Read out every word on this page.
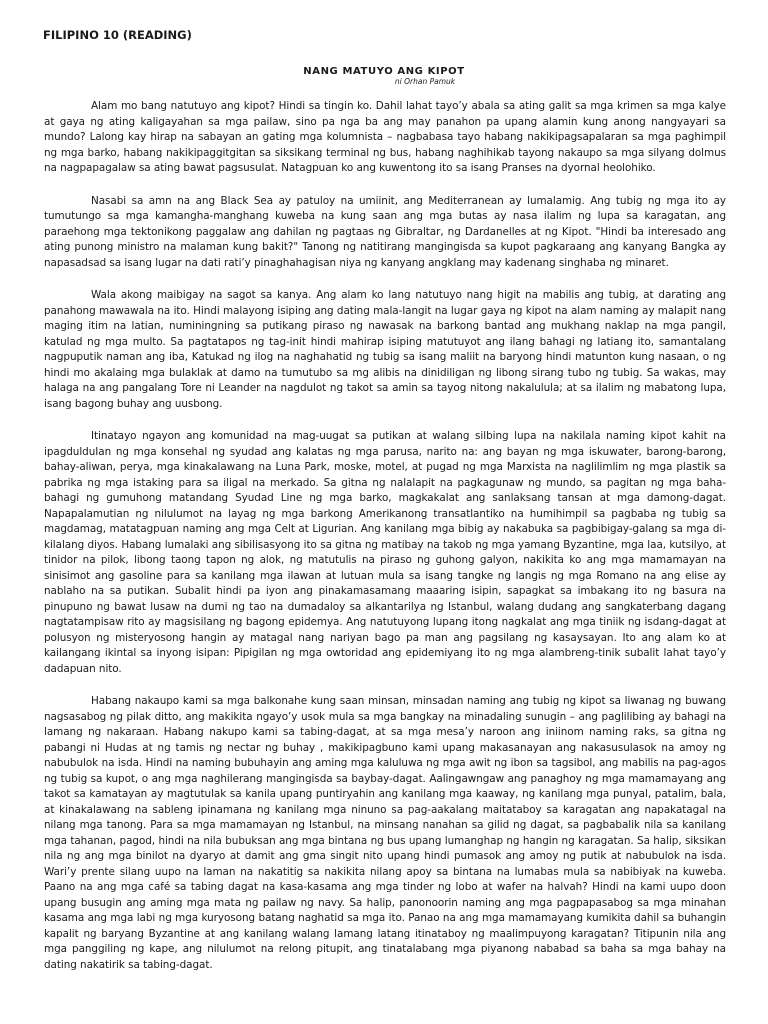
FILIPINO 10 (READING)
NANG MATUYO ANG KIPOT
ni Orhan Pamuk

Alam mo bang natutuyo ang kipot? Hindi sa tingin ko. Dahil lahat tayo’y abala sa ating galit sa mga krimen sa mga kalye at gaya ng ating kaligayahan sa mga pailaw, sino pa nga ba ang may panahon pa upang alamin kung anong nangyayari sa mundo? Lalong kay hirap na sabayan an gating mga kolumnista – nagbabasa tayo habang nakikipagsapalaran sa mga paghimpil ng mga barko, habang nakikipaggitgitan sa siksikang terminal ng bus, habang naghihikab tayong nakaupo sa mga silyang dolmus na nagpapagalaw sa ating bawat pagsusulat. Natagpuan ko ang kuwentong ito sa isang Pranses na dyornal heolohiko.

Nasabi sa amn na ang Black Sea ay patuloy na umiinit, ang Mediterranean ay lumalamig. Ang tubig ng mga ito ay tumutungo sa mga kamangha-manghang kuweba na kung saan ang mga butas ay nasa ilalim ng lupa sa karagatan, ang paraehong mga tektonikong paggalaw ang dahilan ng pagtaas ng Gibraltar, ng Dardanelles at ng Kipot. "Hindi ba interesado ang ating punong ministro na malaman kung bakit?" Tanong ng natitirang mangingisda sa kupot pagkaraang ang kanyang Bangka ay napasadsad sa isang lugar na dati rati’y pinaghahagisan niya ng kanyang angklang may kadenang singhaba ng minaret.

Wala akong maibigay na sagot sa kanya. Ang alam ko lang natutuyo nang higit na mabilis ang tubig, at darating ang panahong mawawala na ito. Hindi malayong isiping ang dating mala-langit na lugar gaya ng kipot na alam naming ay malapit nang maging itim na latian, numiningning sa putikang piraso ng nawasak na barkong bantad ang mukhang naklap na mga pangil, katulad ng mga multo. Sa pagtatapos ng tag-init hindi mahirap isiping matutuyot ang ilang bahagi ng latiang ito, samantalang nagpuputik naman ang iba, Katukad ng ilog na naghahatid ng tubig sa isang maliit na baryong hindi matunton kung nasaan, o ng hindi mo akalaing mga bulaklak at damo na tumutubo sa mg alibis na dinidiligan ng libong sirang tubo ng tubig. Sa wakas, may halaga na ang pangalang Tore ni Leander na nagdulot ng takot sa amin sa tayog nitong nakalulula; at sa ilalim ng mabatong lupa, isang bagong buhay ang uusbong.

Itinatayo ngayon ang komunidad na mag-uugat sa putikan at walang silbing lupa na nakilala naming kipot kahit na ipagdulduIan ng mga konsehal ng syudad ang kalatas ng mga parusa, narito na: ang bayan ng mga iskuwater, barong-barong, bahay-aliwan, perya, mga kinakalawang na Luna Park, moske, motel, at pugad ng mga Marxista na naglilimlim ng mga plastik sa pabrika ng mga istaking para sa iligal na merkado. Sa gitna ng nalalapit na pagkagunaw ng mundo, sa pagitan ng mga baha-bahagi ng gumuhong matandang Syudad Line ng mga barko, magkakalat ang sanlaksang tansan at mga damong-dagat. Napapalamutian ng nilulumot na layag ng mga barkong Amerikanong transatlantiko na humihimpil sa pagbaba ng tubig sa magdamag, matatagpuan naming ang mga Celt at Ligurian. Ang kanilang mga bibig ay nakabuka sa pagbibigay-galang sa mga di-kilalang diyos. Habang lumalaki ang sibilisasyong ito sa gitna ng matibay na takob ng mga yamang Byzantine, mga laa, kutsilyo, at tinidor na pilok, libong taong tapon ng alok, ng matutulis na piraso ng guhong galyon, nakikita ko ang mga mamamayan na sinisimot ang gasoline para sa kanilang mga ilawan at lutuan mula sa isang tangke ng langis ng mga Romano na ang elise ay nablaho na sa putikan. Subalit hindi pa iyon ang pinakamasamang maaaring isipin, sapagkat sa imbakang ito ng basura na pinupuno ng bawat lusaw na dumi ng tao na dumadaloy sa alkantarilya ng Istanbul, walang dudang ang sangkaterbang dagang nagtatampisaw rito ay magsisilang ng bagong epidemya. Ang natutuyong lupang itong nagkalat ang mga tiniik ng isdang-dagat at polusyon ng misteryosong hangin ay matagal nang nariyan bago pa man ang pagsilang ng kasaysayan. Ito ang alam ko at kailangang ikintal sa inyong isipan: Pipigilan ng mga owtoridad ang epidemiyang ito ng mga alambreng-tinik subalit lahat tayo’y dadapuan nito.

Habang nakaupo kami sa mga balkonahe kung saan minsan, minsadan naming ang tubig ng kipot sa liwanag ng buwang nagsasabog ng pilak ditto, ang makikita ngayo’y usok mula sa mga bangkay na minadaling sunugin – ang paglilibing ay bahagi na lamang ng nakaraan. Habang nakupo kami sa tabing-dagat, at sa mga mesa’y naroon ang iniinom naming raks, sa gitna ng pabangi ni Hudas at ng tamis ng nectar ng buhay , makikipagbuno kami upang makasanayan ang nakasusulasok na amoy ng nabubulok na isda. Hindi na naming bubuhayin ang aming mga kaluluwa ng mga awit ng ibon sa tagsibol, ang mabilis na pag-agos ng tubig sa kupot, o ang mga naghilerang mangingisda sa baybay-dagat. Aalingawngaw ang panaghoy ng mga mamamayang ang takot sa kamatayan ay magtutulak sa kanila upang puntiryahin ang kanilang mga kaaway, ng kanilang mga punyal, patalim, bala, at kinakalawang na sableng ipinamana ng kanilang mga ninuno sa pag-aakalang maitataboy sa karagatan ang napakatagal na nilang mga tanong. Para sa mga mamamayan ng Istanbul, na minsang nanahan sa gilid ng dagat, sa pagbabalik nila sa kanilang mga tahanan, pagod, hindi na nila bubuksan ang mga bintana ng bus upang lumanghap ng hangin ng karagatan. Sa halip, siksikan nila ng ang mga binilot na dyaryo at damit ang gma singit nito upang hindi pumasok ang amoy ng putik at nabubulok na isda. Wari’y prente silang uupo na laman na nakatitig sa nakikita nilang apoy sa bintana na lumabas mula sa nabibiyak na kuweba. Paano na ang mga café sa tabing dagat na kasa-kasama ang mga tinder ng lobo at wafer na halvah? Hindi na kami uupo doon upang busugin ang aming mga mata ng pailaw ng navy. Sa halip, panonoorin naming ang mga pagpapasabog sa mga minahan kasama ang mga labi ng mga kuryosong batang naghatid sa mga ito. Panao na ang mga mamamayang kumikita dahil sa buhangin kapalit ng baryang Byzantine at ang kanilang walang lamang latang itinataboy ng maalimpuyong karagatan? Titipunin nila ang mga panggiling ng kape, ang nilulumot na relong pitupit, ang tinatalabang mga piyanong nababad sa baha sa mga bahay na dating nakatirik sa tabing-dagat.
